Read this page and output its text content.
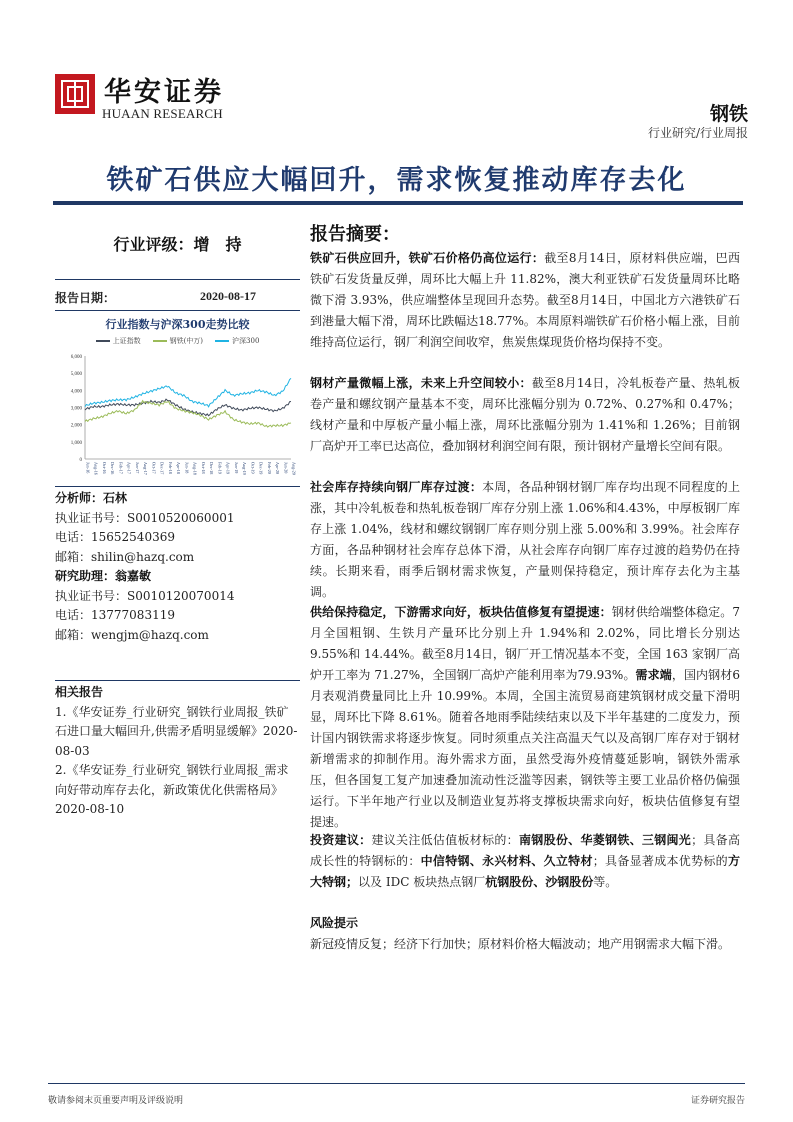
华安证券
HUAAN RESEARCH	钢铁
行业研究/行业周报
铁矿石供应大幅回升，需求恢复推动库存去化
行业评级：增　持
报告日期：	2020-08-17
行业指数与沪深300走势比较
上证指数	钢铁(中万)	沪深300
0
1,000
2,000
3,000
4,000
5,000
6,000
Jun-16 Aug-16 Oct-16 Dec-16 Feb-17 Apr-17 Jun-17 Aug-17 Oct-17 Dec-17 Feb-18 Apr-18 Jun-18 Aug-18 Oct-18 Dec-18 Feb-19 Apr-19 Jun-19 Aug-19 Oct-19 Dec-19 Feb-20 Apr-20 Jun-20 Aug-20
分析师：石林
执业证书号：S0010520060001
电话：15652540369
邮箱：shilin@hazq.com
研究助理：翁嘉敏
执业证书号：S0010120070014
电话：13777083119
邮箱：wengjm@hazq.com
相关报告
1.《华安证券_行业研究_钢铁行业周报_铁矿石进口量大幅回升,供需矛盾明显缓解》2020-08-03
2.《华安证券_行业研究_钢铁行业周报_需求向好带动库存去化，新政策优化供需格局》2020-08-10
报告摘要：
铁矿石供应回升，铁矿石价格仍高位运行：截至8月14日，原材料供应端，巴西铁矿石发货量反弹，周环比大幅上升 11.82%，澳大利亚铁矿石发货量周环比略微下滑 3.93%，供应端整体呈现回升态势。截至8月14日，中国北方六港铁矿石到港量大幅下滑，周环比跌幅达18.77%。本周原料端铁矿石价格小幅上涨，目前维持高位运行，钢厂利润空间收窄，焦炭焦煤现货价格均保持不变。
钢材产量微幅上涨，未来上升空间较小：截至8月14日，冷轧板卷产量、热轧板卷产量和螺纹钢产量基本不变，周环比涨幅分别为 0.72%、0.27%和 0.47%；线材产量和中厚板产量小幅上涨，周环比涨幅分别为 1.41%和 1.26%；目前钢厂高炉开工率已达高位，叠加钢材利润空间有限，预计钢材产量增长空间有限。
社会库存持续向钢厂库存过渡：本周，各品种钢材钢厂库存均出现不同程度的上涨，其中冷轧板卷和热轧板卷钢厂库存分别上涨 1.06%和4.43%，中厚板钢厂库存上涨 1.04%，线材和螺纹钢钢厂库存则分别上涨 5.00%和 3.99%。社会库存方面，各品种钢材社会库存总体下滑，从社会库存向钢厂库存过渡的趋势仍在持续。长期来看，雨季后钢材需求恢复，产量则保持稳定，预计库存去化为主基调。
供给保持稳定，下游需求向好，板块估值修复有望提速：钢材供给端整体稳定。7月全国粗钢、生铁月产量环比分别上升 1.94%和 2.02%，同比增长分别达 9.55%和 14.44%。截至8月14日，钢厂开工情况基本不变，全国 163 家钢厂高炉开工率为 71.27%，全国钢厂高炉产能利用率为79.93%。需求端，国内钢材6月表观消费量同比上升 10.99%。本周，全国主流贸易商建筑钢材成交量下滑明显，周环比下降 8.61%。随着各地雨季陆续结束以及下半年基建的二度发力，预计国内钢铁需求将逐步恢复。同时须重点关注高温天气以及高钢厂库存对于钢材新增需求的抑制作用。海外需求方面，虽然受海外疫情蔓延影响，钢铁外需承压，但各国复工复产加速叠加流动性泛滥等因素，钢铁等主要工业品价格仍偏强运行。下半年地产行业以及制造业复苏将支撑板块需求向好，板块估值修复有望提速。
投资建议：建议关注低估值板材标的：南钢股份、华菱钢铁、三钢闽光；具备高成长性的特钢标的：中信特钢、永兴材料、久立特材；具备显著成本优势标的方大特钢；以及 IDC 板块热点钢厂杭钢股份、沙钢股份等。
风险提示
新冠疫情反复；经济下行加快；原材料价格大幅波动；地产用钢需求大幅下滑。
敬请参阅末页重要声明及评级说明	证券研究报告
